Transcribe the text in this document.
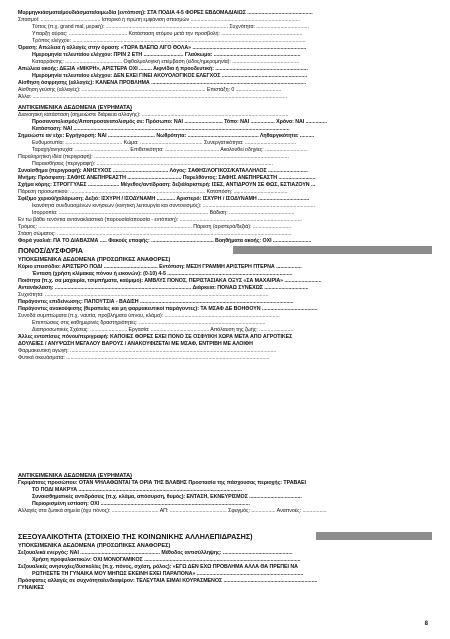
Μυρμηγκιάσματα/μουδιάσματα/αιμωδία (εντόπιση): ΣΤΑ ΠΟΔΙΑ 4-5 ΦΟΡΕΣ ΕΒΔΟΜΑΔΙΑΙΩΣ ..............................................
Σπασμοί: .......................................... Ιστορικό ή πρώτη εμφάνιση σπασμών .............................................................................
Τύπος (π.χ. grand mal, μερική): ...................................................................................... Συχνότητα: .....................................
Υπαρξη αύρας: ......................................... Κατάσταση ατόμου μετά την προσβολή: .........................................................
Τρόπος ελέγχου: ....................................................................................................................................................................
Όραση: Απώλεια ή αλλαγές στην όραση: «ΤΩΡΑ ΒΛΕΠΩ ΛΙΓΟ ΘΟΛΑ» ................................................................................
Ημερομηνία τελευταίου ελέγχου: ΠΡΙΝ 2 ΕΤΗ ............................ Γλαύκωμα: .............................................................
Καταρράκτης: ........................................ Οφθαλμολογική επέμβαση (είδος/ημερομηνία): ...............................................
Απώλεια ακοής: ΔΕΞΙΑ «ΜΙΚΡΗ», ΑΡΙΣΤΕΡΑ ΟΧΙ ......... Αιφνίδια ή προοδευτική: .................................................................
Ημερομηνία τελευταίου ελέγχου: ΔΕΝ ΕΧΕΙ ΓΙΝΕΙ ΑΚΟΥΟΛΟΓΙΚΟΣ ΕΛΕΓΧΟΣ ............................................................
Αίσθηση όσφρησης (αλλαγές): ΚΑΝΕΝΑ ΠΡΟΒΛΗΜΑ .............................................................................................................
Αίσθηση γεύσης (αλλαγές): ....................................................................................... Επιστάξη: 0 ................................
Άλλα: ...................................................................................................................................................................................
ΑΝΤΙΚΕΙΜΕΝΙΚΑ ΔΕΔΟΜΕΝΑ (ΕΥΡΗΜΑΤΑ)
Διανοητική κατάσταση (σημειώστε διάρκεια αλλαγής): .......................................................................................................
Προσανατολισμός/Αποπροσανατολισμός σε: Πρόσωπο: ΝΑΙ ........................... Τόπο: ΝΑΙ ................. Χρόνο: ΝΑΙ ...............
Κατάσταση: ΝΑΙ ........................................................................................................................................................
Σημειώστε αν είχε: Εγρήγορση: ΝΑΙ ................................. Νωθρότητα: .................................................. Ληθαργικότητα: ..........
Ευθυμοτυπία: ........................................ Κώμα: ............................................ Συνεργατικότητα: ....................................
Ταραχή/ανησυχία: ...................................... Επιθετικότητα: ...................................... Ακολουθεί οδηγίες: ..............................
Παραληρητική ιδέα (περιγραφή): .........................................................................................................................................
Παραισθήσεις (περιγραφή): ............................................................................................................................
Συναίσθημα (περιγραφή): ΑΝΗΣΥΧΟΣ ....................................... Λόγος: ΣΑΦΗΣ/ΛΟΓΙΚΟΣ/ΚΑΤΑΛΛΗΛΟΣ ............................
Μνήμη: Πρόσφατη: ΣΑΦΗΣ ΑΝΕΠΗΡΕΑΣΤΗ ...................................... Παρελθόντος: ΣΑΦΗΣ ΑΝΕΠΗΡΕΑΣΤΗ ..........................
Σχήμα κόρης: ΣΤΡΟΓΓΥΛΕΣ ...................... Μέγεθος/αντίδραση: δεξιά/αριστερή: ΙΣΕΣ, ΑΝΤΙΔΡΟΥΝ ΣΕ ΦΩΣ, ΕΣΤΙΑΖΟΥΝ ...
Πάρεση προσωπικού: ............................................................................................... Καταπόση: ......................................
Σφίξιμο χεριού/χαλάρωση: Δεξιό: ΙΣΧΥΡΗ / ΙΣΟΔΥΝΑΜΗ ............. Αριστερό: ΙΣΧΥΡΗ / ΙΣΟΔΥΝΑΜΗ ....................................
Ικανότητα συνδυασμένων κινήσεων (κινητική λειτουργία και συντονισμός): ...............................................................................
Ισορροπία: ......................................................................................................... Βάδιση: ..............................................
Εν τω βάθει τενόντια αντανακλαστικά (παρουσία/απουσία - εντόπιση): ......................................................................................
Τρόμος: ............................................................................................................ Πάρεση (αριστερά/δεξιά): ...........................
Στάση σώματος: .....................................................................................................................................................................
Φορά γυαλιά: ΠΑ ΤΟ ΔΙΑΒΑΣΜΑ ..... Φακούς επαφής: ............................................ Βοηθήματα ακοής: ΟΧΙ ...........................
ΠΟΝΟΣ/ΔΥΣΦΟΡΙΑ
ΥΠΟΚΕΙΜΕΝΙΚΑ ΔΕΔΟΜΕΝΑ (ΠΡΟΣΩΠΙΚΕΣ ΑΝΑΦΟΡΕΣ)
Κύριο επεισόδιο: ΑΡΙΣΤΕΡΟ ΠΟΔΙ ...................................... Εντόπιση: ΜΕΣΗ ΓΡΑΜΜΗ ΑΡΙΣΤΕΡΗ ΠΤΕΡΝΑ ..................
Ένταση (χρήση κλίμακας πόνου ή εικονών): (0-10) 4-5 ........................................................................................
Ποιότητα (π.χ. σα μαχαιρία, τσιμπήματα, καύμιμο): ΑΜΒΛΥΣ ΠΟΝΟΣ, ΠΕΡΙΣΤΑΣΙΑΚΑ ΟΞΥΣ «ΣΑ ΜΑΧΑΙΡΙΑ» ..........................
Αντανάκλαση: ................................................................................................ Διάρκεια: ΠΟΝΑΩ ΣΥΝΕΧΩΣ ...............................
Συχνότητα: .............................................................................................................................................................
Παράγοντες επιδείνωσης: ΠΑΠΟΥΤΣΙΑ - ΒΑΔΙΣΗ ............................................................................................................
Παράγοντες ανακούφισης (θεραπείες και μη φαρμακευτικοί παράγοντες): ΤΑ ΜΣΑΦ ΔΕ ΒΟΗΘΟΥΝ .......................................
Συνοδά συμπτώματα (π.χ. ναυτία, προβλήματα ύπνου, κλάμα): .................................................................................
Επιπτώσεις στις καθημερινές δραστηριότητες: .........................................................................................
Διαπροσωπικές Σχέσεις: .......................... Εργασία: ......................................... Απόλαυση της ζωής: ........................
Άλλες εντοπίσεις πόνου/περιγραφή: ΚΑΠΟΙΕΣ ΦΟΡΕΣ ΕΧΕΙ ΠΟΝΟ ΣΕ ΟΣΦΥΙΚΗ ΧΩΡΑ ΜΕΤΑ ΑΠΟ ΑΓΡΟΤΙΚΕΣ
ΔΟΥΛΕΙΕΣ / ΑΝΥΨΩΣΗ ΜΕΓΑΛΟΥ ΒΑΡΟΥΣ / ΑΝΑΚΟΥΦΙΖΕΤΑΙ ΜΕ ΜΣΑΦ, ΕΝΤΡΙΒΗ ΜΕ ΑΛΟΙΦΗ
Φαρμακευτική αγωγή: .................................................................................................................................................
Φυτικά σκευάσματα: ...............................................................................................................................................
ΑΝΤΙΚΕΙΜΕΝΙΚΑ ΔΕΔΟΜΕΝΑ (ΕΥΡΗΜΑΤΑ)
Γκριμάτσες προσώπου: ΟΤΑΝ ΨΗΛΑΦΩΝΤΑΙ ΤΑ ΟΡΙΑ ΤΗΣ ΒΛΑΒΗΣ Προστασία της πάσχουσας περιοχής: ΤΡΑΒΑΕΙ
ΤΟ ΠΟΔΙ ΜΑΚΡΥΑ ...................................................................................................................
Συναισθηματικές αντιδράσεις (π.χ. κλάμα, απόσυρση, θυμός): ΕΝΤΑΣΗ, ΕΚΝΕΥΡΙΣΜΟΣ .....................................
Περιορισμένη εστίαση: ΟΧΙ .........................................................................................................
Αλλαγές στα ζωτικά σημεία (όχυ πόνος): ................................. ΑΠ: ........................................ Σφυγμός: ................. Αναπνοές: .................
ΣΕΞΟΥΑΛΙΚΟΤΗΤΑ (ΣΤΟΙΧΕΙΟ ΤΗΣ ΚΟΙΝΩΝΙΚΗΣ ΑΛΛΗΛΕΠΙΔΡΑΣΗΣ)
ΥΠΟΚΕΙΜΕΝΙΚΑ ΔΕΔΟΜΕΝΑ (ΠΡΟΣΩΠΙΚΕΣ ΑΝΑΦΟΡΕΣ)
Σεξουαλικά ενεργός: ΝΑΙ ........................................................ Μέθοδος αντισύλληψης: .................................................
Χρήση προφυλακτικών: ΟΧΙ ΜΟΝΟΓΑΜΙΚΟΣ ..............................................................................................................
Σεξουαλικές ανησυχίες/δυσκολίες (π.χ. πόνος, σχέση, ρόλος): «ΕΓΩ ΔΕΝ ΕΧΩ ΠΡΟΒΛΗΜΑ ΑΛΛΑ ΘΑ ΠΡΕΠΕΙ ΝΑ
ΡΩΤΗΣΕΤΕ ΤΗ ΓΥΝΑΙΚΑ ΜΟΥ ΜΗΠΩΣ ΕΚΕΙΝΗ ΕΧΕΙ ΠΑΡΑΠΟΝΑ» ...........................................................................
Πρόσφατες αλλαγές σε συχνότητα/ενδιαφέρον: ΤΕΛΕΥΤΑΙΑ ΕΙΜΑΙ ΚΟΥΡΑΣΜΕΝΟΣ ..................................................................
ΓΥΝΑΙΚΕΣ
8
